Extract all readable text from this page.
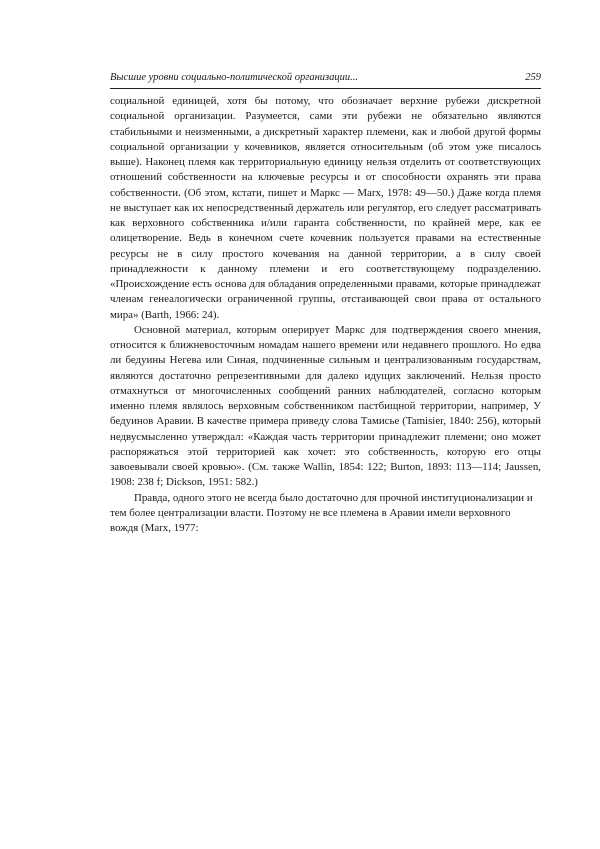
Высшие уровни социально-политической организации...	259

социальной единицей, хотя бы потому, что обозначает верхние рубежи дискретной социальной организации. Разумеется, сами эти рубежи не обязательно являются стабильными и неизменными, а дискретный характер племени, как и любой другой формы социальной организации у кочевников, является относительным (об этом уже писалось выше). Наконец племя как территориальную единицу нельзя отделить от соответствующих отношений собственности на ключевые ресурсы и от способности охранять эти права собственности. (Об этом, кстати, пишет и Маркс — Marx, 1978: 49—50.) Даже когда племя не выступает как их непосредственный держатель или регулятор, его следует рассматривать как верховного собственника и/или гаранта собственности, по крайней мере, как ее олицетворение. Ведь в конечном счете кочевник пользуется правами на естественные ресурсы не в силу простого кочевания на данной территории, а в силу своей принадлежности к данному племени и его соответствующему подразделению. «Происхождение есть основа для обладания определенными правами, которые принадлежат членам генеалогически ограниченной группы, отстаивающей свои права от остального мира» (Barth, 1966: 24).

Основной материал, которым оперирует Маркс для подтверждения своего мнения, относится к ближневосточным номадам нашего времени или недавнего прошлого. Но едва ли бедуины Негева или Синая, подчиненные сильным и централизованным государствам, являются достаточно репрезентивными для далеко идущих заключений. Нельзя просто отмахнуться от многочисленных сообщений ранних наблюдателей, согласно которым именно племя являлось верховным собственником пастбищной территории, например, У бедуинов Аравии. В качестве примера приведу слова Тамисье (Tamisier, 1840: 256), который недвусмысленно утверждал: «Каждая часть территории принадлежит племени; оно может распоряжаться этой территорией как хочет: это собственность, которую его отцы завоевывали своей кровью». (См. также Wallin, 1854: 122; Burton, 1893: 113—114; Jaussen, 1908: 238 f; Dickson, 1951: 582.)

Правда, одного этого не всегда было достаточно для прочной институционализации и тем более централизации власти. Поэтому не все племена в Аравии имели верховного вождя (Marx, 1977:
